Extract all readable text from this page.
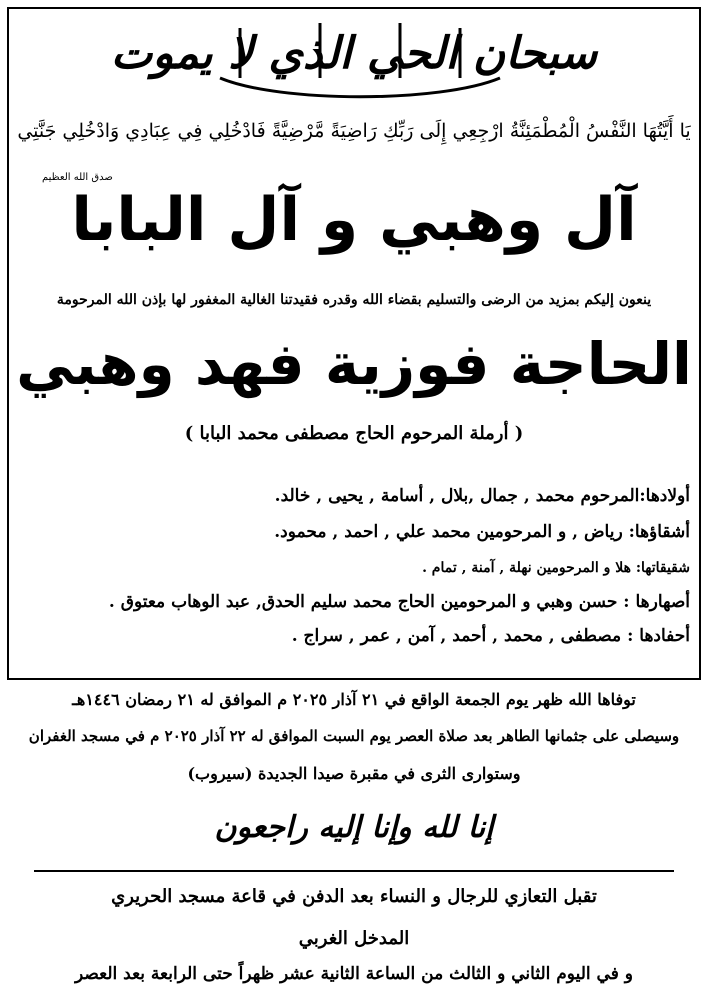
سبحان الحي الذي لا يموت
يَا أَيَّتُهَا النَّفْسُ الْمُطْمَئِنَّةُ ارْجِعِي إِلَى رَبِّكِ رَاضِيَةً مَّرْضِيَّةً فَادْخُلِي فِي عِبَادِي وَادْخُلِي جَنَّتِي
صدق الله العظيم
آل وهبي و آل البابا
ينعون إليكم بمزيد من الرضى والتسليم بقضاء الله وقدره فقيدتنا الغالية المغفور لها بإذن الله المرحومة
الحاجة فوزية فهد وهبي
( أرملة المرحوم الحاج مصطفى محمد البابا )
أولادها:المرحوم محمد , جمال ,بلال , أسامة , يحيى , خالد.
أشقاؤها: رياض , و المرحومين محمد علي , احمد , محمود.
شقيقاتها: هلا و المرحومين نهلة , آمنة , تمام .
أصهارها : حسن وهبي و المرحومين الحاج محمد سليم الحدق, عبد الوهاب معتوق .
أحفادها : مصطفى , محمد , أحمد , آمن , عمر , سراج .
توفاها الله ظهر يوم الجمعة الواقع في ٢١ آذار ٢٠٢٥ م الموافق له ٢١ رمضان ١٤٤٦هـ
وسيصلى على جثمانها الطاهر بعد صلاة العصر يوم السبت الموافق له ٢٢ آذار ٢٠٢٥ م في مسجد الغفران
وستوارى الثرى في مقبرة صيدا الجديدة (سيروب)
إنا لله وإنا إليه راجعون
تقبل التعازي للرجال و النساء بعد الدفن في قاعة مسجد الحريري
المدخل الغربي
و في اليوم الثاني و الثالث من الساعة الثانية عشر ظهراً حتى الرابعة بعد العصر
